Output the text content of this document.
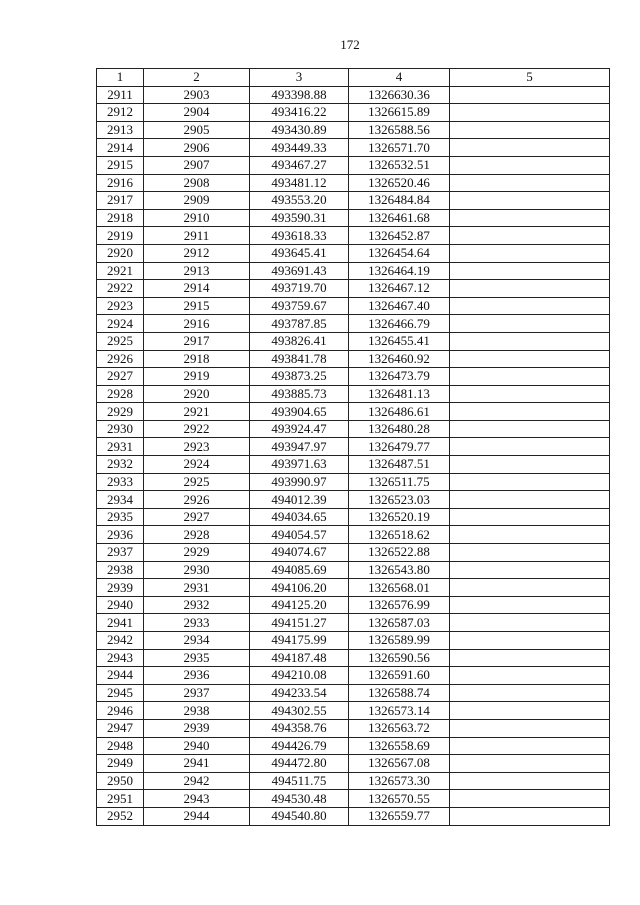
172
1	2	3	4	5
2911	2903	493398.88	1326630.36	
2912	2904	493416.22	1326615.89	
2913	2905	493430.89	1326588.56	
2914	2906	493449.33	1326571.70	
2915	2907	493467.27	1326532.51	
2916	2908	493481.12	1326520.46	
2917	2909	493553.20	1326484.84	
2918	2910	493590.31	1326461.68	
2919	2911	493618.33	1326452.87	
2920	2912	493645.41	1326454.64	
2921	2913	493691.43	1326464.19	
2922	2914	493719.70	1326467.12	
2923	2915	493759.67	1326467.40	
2924	2916	493787.85	1326466.79	
2925	2917	493826.41	1326455.41	
2926	2918	493841.78	1326460.92	
2927	2919	493873.25	1326473.79	
2928	2920	493885.73	1326481.13	
2929	2921	493904.65	1326486.61	
2930	2922	493924.47	1326480.28	
2931	2923	493947.97	1326479.77	
2932	2924	493971.63	1326487.51	
2933	2925	493990.97	1326511.75	
2934	2926	494012.39	1326523.03	
2935	2927	494034.65	1326520.19	
2936	2928	494054.57	1326518.62	
2937	2929	494074.67	1326522.88	
2938	2930	494085.69	1326543.80	
2939	2931	494106.20	1326568.01	
2940	2932	494125.20	1326576.99	
2941	2933	494151.27	1326587.03	
2942	2934	494175.99	1326589.99	
2943	2935	494187.48	1326590.56	
2944	2936	494210.08	1326591.60	
2945	2937	494233.54	1326588.74	
2946	2938	494302.55	1326573.14	
2947	2939	494358.76	1326563.72	
2948	2940	494426.79	1326558.69	
2949	2941	494472.80	1326567.08	
2950	2942	494511.75	1326573.30	
2951	2943	494530.48	1326570.55	
2952	2944	494540.80	1326559.77	
